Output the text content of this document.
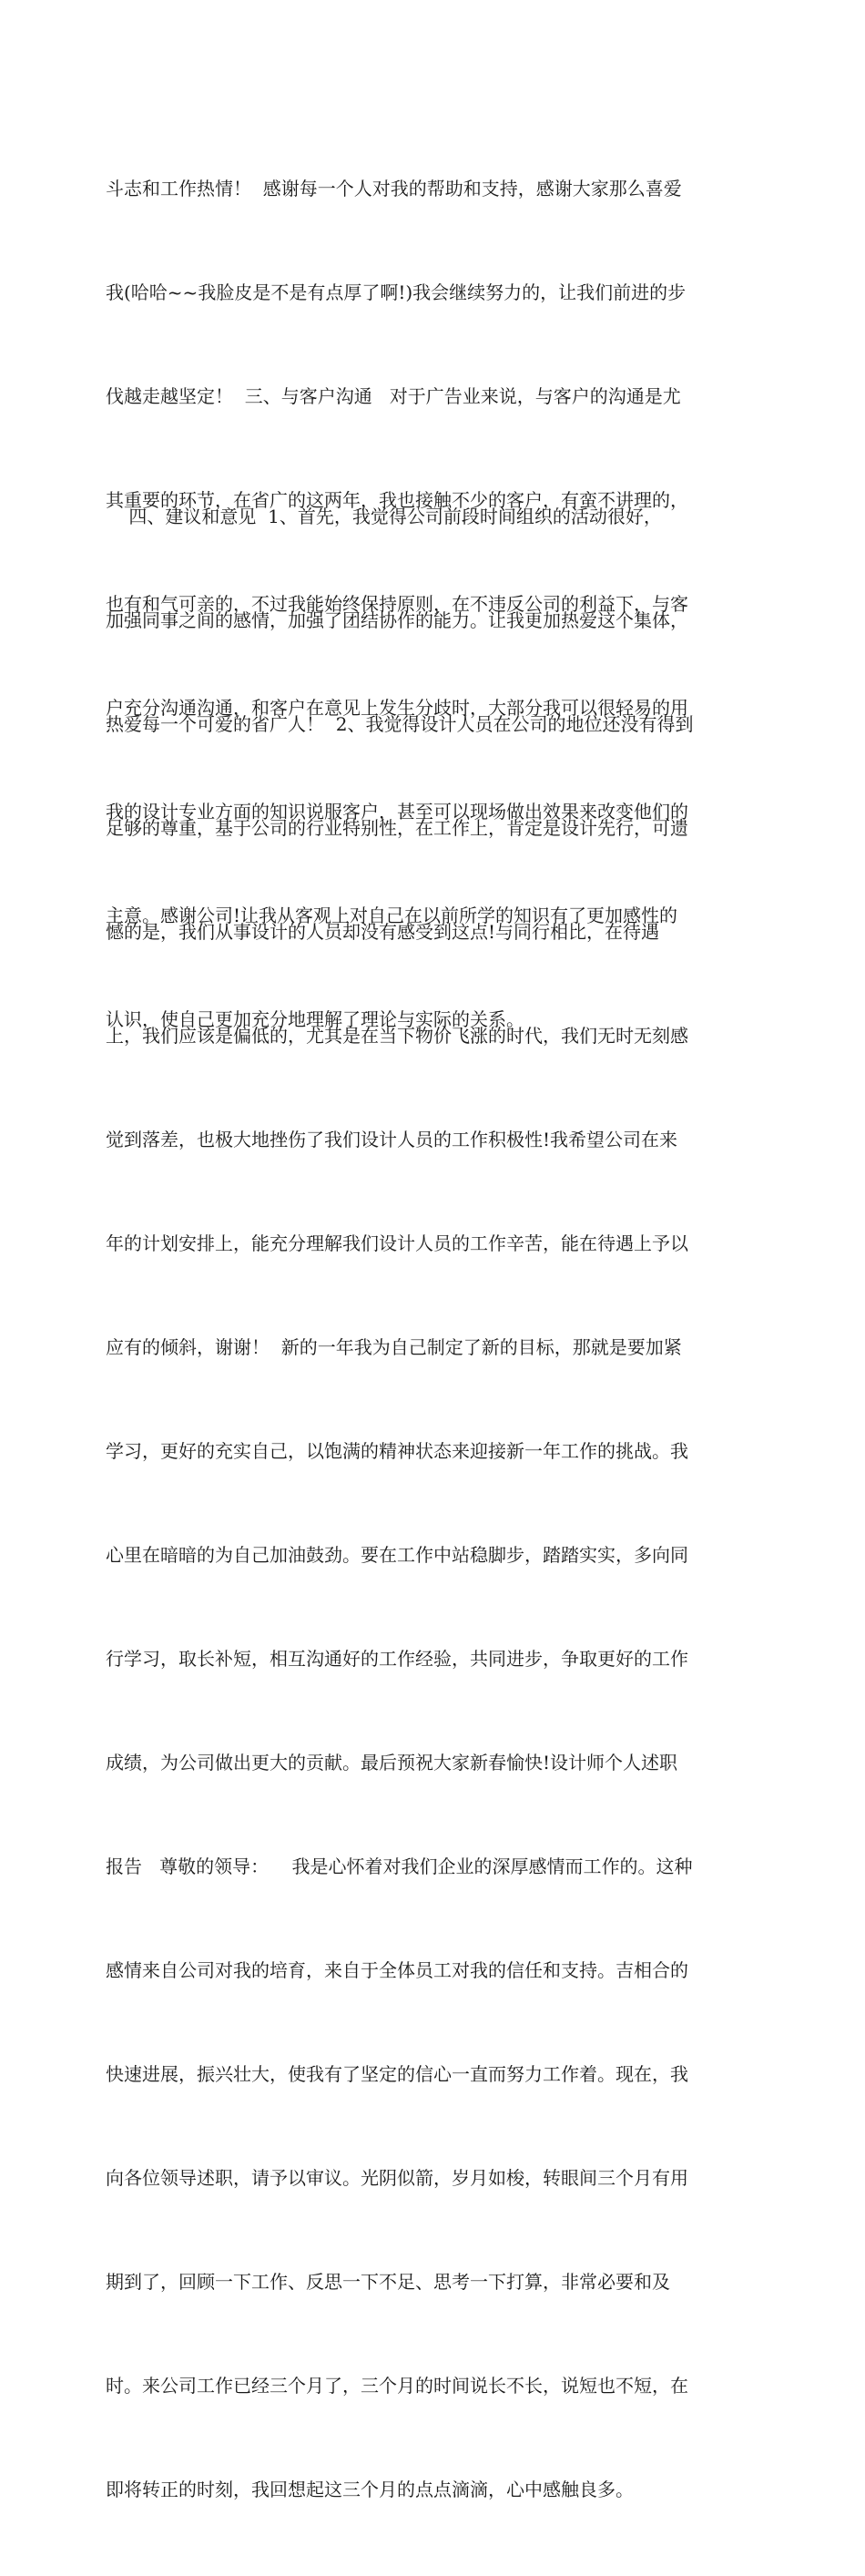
斗志和工作热情！  感谢每一个人对我的帮助和支持，感谢大家那么喜爱

我(哈哈~~我脸皮是不是有点厚了啊!)我会继续努力的，让我们前进的步

伐越走越坚定！  三、与客户沟通   对于广告业来说，与客户的沟通是尤

其重要的环节，在省广的这两年，我也接触不少的客户，有蛮不讲理的，

也有和气可亲的，不过我能始终保持原则，在不违反公司的利益下，与客

户充分沟通沟通，和客户在意见上发生分歧时，大部分我可以很轻易的用

我的设计专业方面的知识说服客户，甚至可以现场做出效果来改变他们的

主意。感谢公司!让我从客观上对自己在以前所学的知识有了更加感性的

认识，使自己更加充分地理解了理论与实际的关系。

四、建议和意见  1、首先，我觉得公司前段时间组织的活动很好，

加强同事之间的感情，加强了团结协作的能力。让我更加热爱这个集体，

热爱每一个可爱的省广人！  2、我觉得设计人员在公司的地位还没有得到

足够的尊重，基于公司的行业特别性，在工作上，肯定是设计先行，可遗

憾的是，我们从事设计的人员却没有感受到这点!与同行相比，在待遇

上，我们应该是偏低的，尤其是在当下物价飞涨的时代，我们无时无刻感

觉到落差，也极大地挫伤了我们设计人员的工作积极性!我希望公司在来

年的计划安排上，能充分理解我们设计人员的工作辛苦，能在待遇上予以

应有的倾斜，谢谢！  新的一年我为自己制定了新的目标，那就是要加紧

学习，更好的充实自己，以饱满的精神状态来迎接新一年工作的挑战。我

心里在暗暗的为自己加油鼓劲。要在工作中站稳脚步，踏踏实实，多向同

行学习，取长补短，相互沟通好的工作经验，共同进步，争取更好的工作

成绩，为公司做出更大的贡献。最后预祝大家新春愉快!设计师个人述职

报告   尊敬的领导：    我是心怀着对我们企业的深厚感情而工作的。这种

感情来自公司对我的培育，来自于全体员工对我的信任和支持。吉相合的

快速进展，振兴壮大，使我有了坚定的信心一直而努力工作着。现在，我

向各位领导述职，请予以审议。光阴似箭，岁月如梭，转眼间三个月有用

期到了，回顾一下工作、反思一下不足、思考一下打算，非常必要和及

时。来公司工作已经三个月了，三个月的时间说长不长，说短也不短，在

即将转正的时刻，我回想起这三个月的点点滴滴，心中感触良多。
